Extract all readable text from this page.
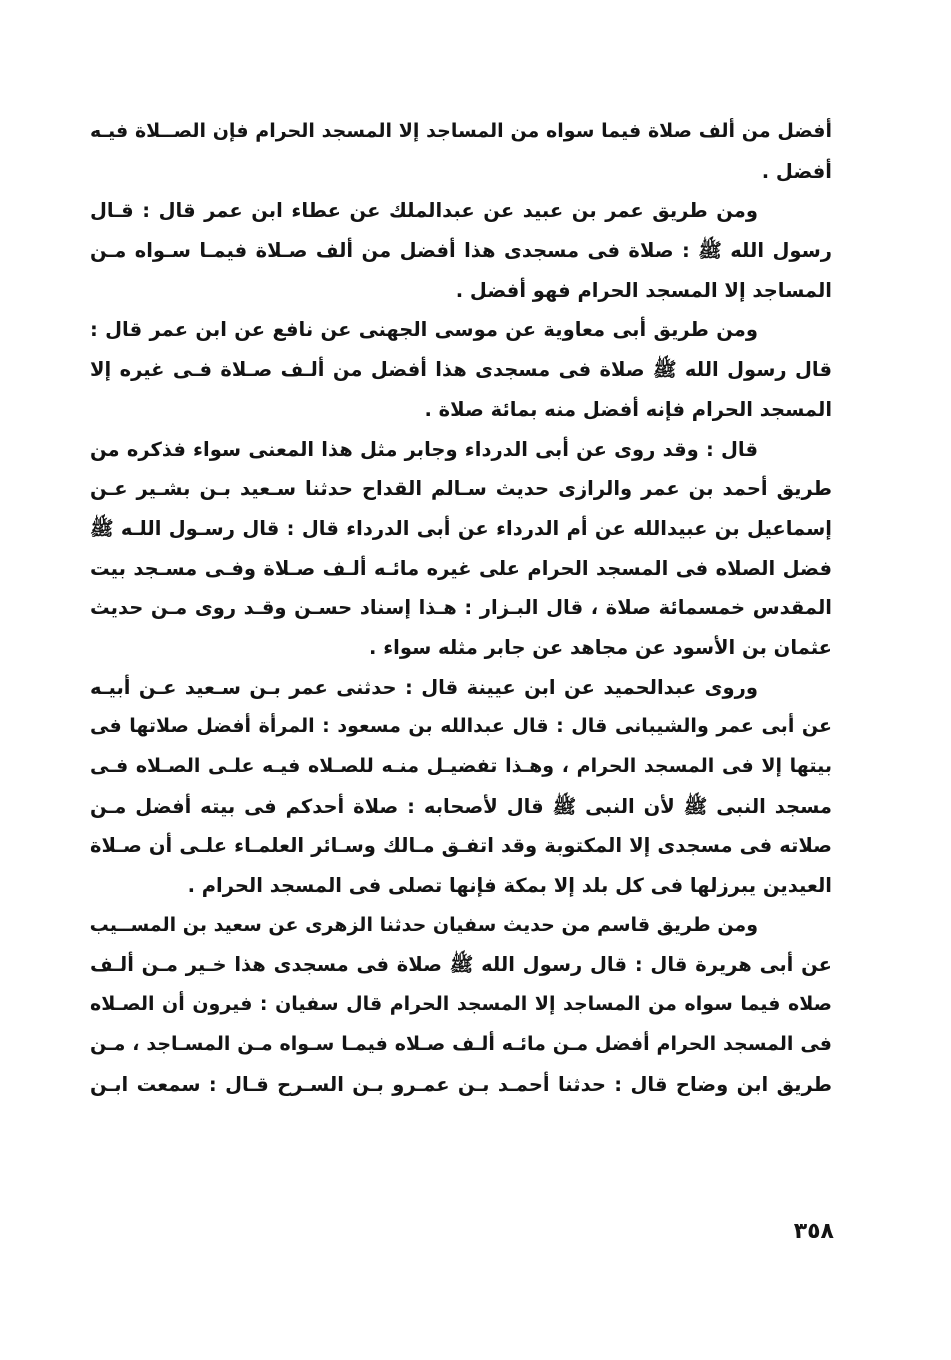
أفضل من ألف صلاة فيما سواه من المساجد إلا المسجد الحرام فإن الصــلاة فيـه
أفضل .
ومن طريق عمر بن عبيد عن عبدالملك عن عطاء ابن عمر قال : قـال
رسول الله ﷺ : صلاة فى مسجدى هذا أفضل من ألف صـلاة فيمـا سـواه مـن
المساجد إلا المسجد الحرام فهو أفضل .
ومن طريق أبى معاوية عن موسى الجهنى عن نافع عن ابن عمر قال :
قال رسول الله ﷺ صلاة فى مسجدى هذا أفضل من ألـف صـلاة فـى غيره إلا
المسجد الحرام فإنه أفضل منه بمائة صلاة .
قال : وقد روى عن أبى الدرداء وجابر مثل هذا المعنى سواء فذكره من
طريق أحمد بن عمر والرازى حديث سـالم القداح حدثنا سـعيد بـن بشـير عـن
إسماعيل بن عبيدالله عن أم الدرداء عن أبى الدرداء قال : قال رسـول اللـه ﷺ
فضل الصلاه فى المسجد الحرام على غيره مائـه ألـف صـلاة وفـى مسـجد بيت
المقدس خمسمائة صلاة ، قال البـزار : هـذا إسناد حسـن وقـد روى مـن حديث
عثمان بن الأسود عن مجاهد عن جابر مثله سواء .
وروى عبدالحميد عن ابن عيينة قال : حدثنى عمر بـن سـعيد عـن أبيـه
عن أبى عمر والشيبانى قال : قال عبدالله بن مسعود : المرأة أفضل صلاتها فى
بيتها إلا فى المسجد الحرام ، وهـذا تفضيـل منـه للصـلاه فيـه علـى الصـلاه فـى
مسجد النبى ﷺ لأن النبى ﷺ قال لأصحابه : صلاة أحدكم فى بيته أفضل مـن
صلاته فى مسجدى إلا المكتوبة وقد اتفـق مـالك وسـائر العلمـاء علـى أن صـلاة
العيدين يبرزلها فى كل بلد إلا بمكة فإنها تصلى فى المسجد الحرام .
ومن طريق قاسم من حديث سفيان حدثنا الزهرى عن سعيد بن المســيب
عن أبى هريرة قال : قال رسول الله ﷺ صلاة فى مسجدى هذا خـير مـن ألـف
صلاه فيما سواه من المساجد إلا المسجد الحرام قال سفيان : فيرون أن الصـلاه
فى المسجد الحرام أفضل مـن مائـه ألـف صـلاه فيمـا سـواه مـن المسـاجد ، مـن
طريق ابن وضاح قال : حدثنا أحمـد بـن عمـرو بـن السـرح قـال : سمعت ابـن
٣٥٨
